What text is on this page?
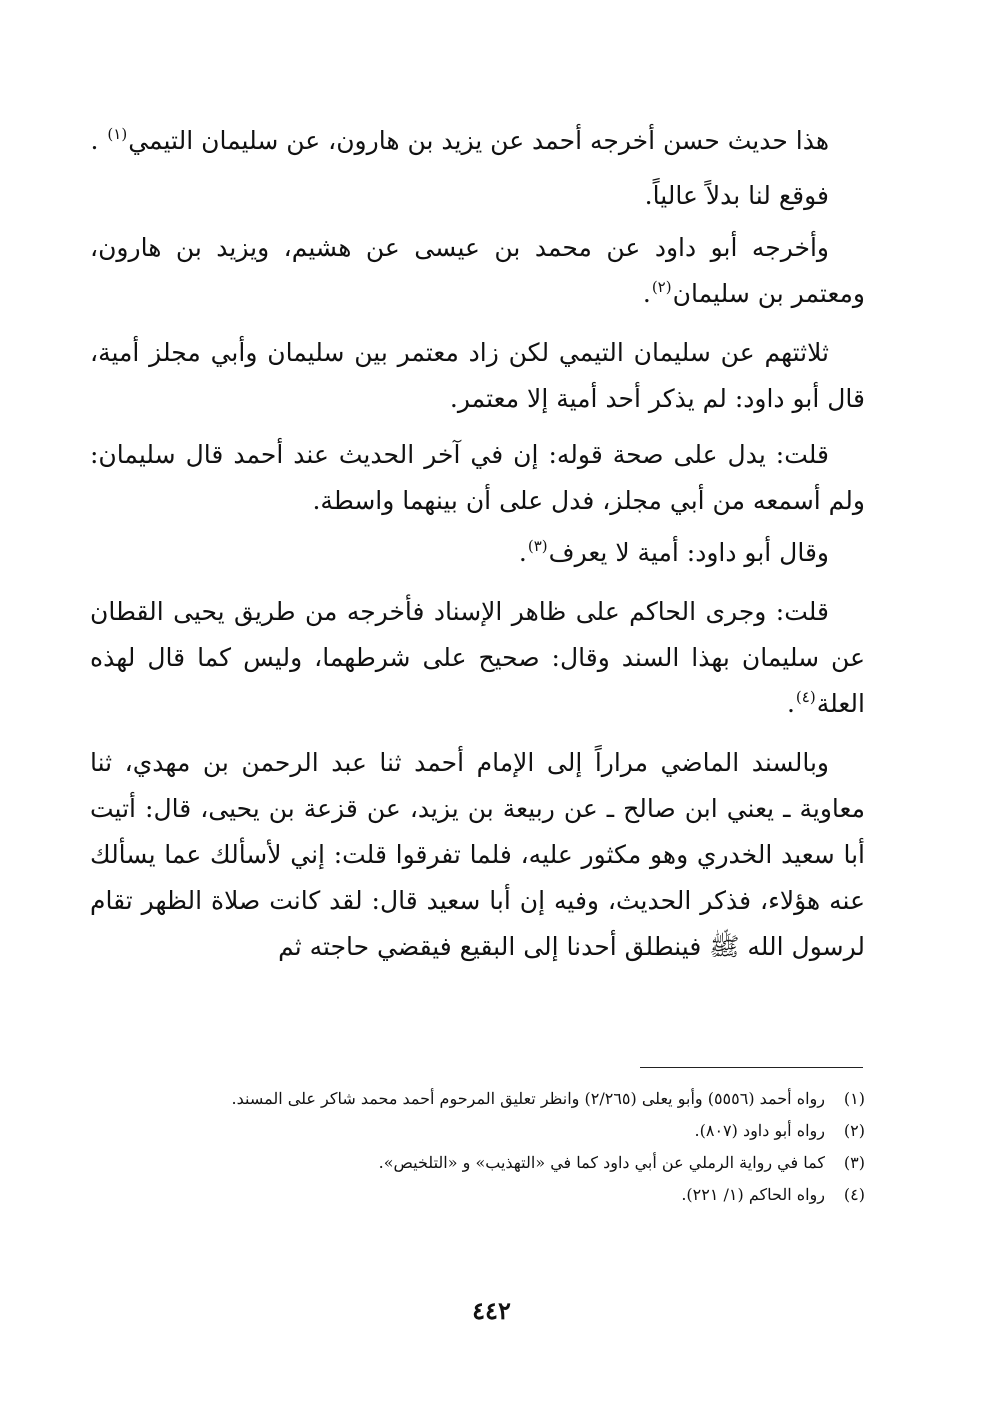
هذا حديث حسن أخرجه أحمد عن يزيد بن هارون، عن سليمان التيمي$^{(١)}$ .

فوقع لنا بدلاً عالياً.

وأخرجه أبو داود عن محمد بن عيسى عن هشيم، ويزيد بن هارون، ومعتمر بن سليمان$^{(٢)}$.

ثلاثتهم عن سليمان التيمي لكن زاد معتمر بين سليمان وأبي مجلز أمية، قال أبو داود: لم يذكر أحد أمية إلا معتمر.

قلت: يدل على صحة قوله: إن في آخر الحديث عند أحمد قال سليمان: ولم أسمعه من أبي مجلز، فدل على أن بينهما واسطة.

وقال أبو داود: أمية لا يعرف$^{(٣)}$.

قلت: وجرى الحاكم على ظاهر الإسناد فأخرجه من طريق يحيى القطان عن سليمان بهذا السند وقال: صحيح على شرطهما، وليس كما قال لهذه العلة$^{(٤)}$.

وبالسند الماضي مراراً إلى الإمام أحمد ثنا عبد الرحمن بن مهدي، ثنا معاوية ـ يعني ابن صالح ـ عن ربيعة بن يزيد، عن قزعة بن يحيى، قال: أتيت أبا سعيد الخدري وهو مكثور عليه، فلما تفرقوا قلت: إني لأسألك عما يسألك عنه هؤلاء، فذكر الحديث، وفيه إن أبا سعيد قال: لقد كانت صلاة الظهر تقام لرسول الله ﷺ فينطلق أحدنا إلى البقيع فيقضي حاجته ثم

(١)رواه أحمد (٥٥٥٦) وأبو يعلى (٢/٢٦٥) وانظر تعليق المرحوم أحمد محمد شاكر على المسند.

(٢)رواه أبو داود (٨٠٧).

(٣)كما في رواية الرملي عن أبي داود كما في «التهذيب» و «التلخيص».

(٤)رواه الحاكم (١/ ٢٢١).

٤٤٢
